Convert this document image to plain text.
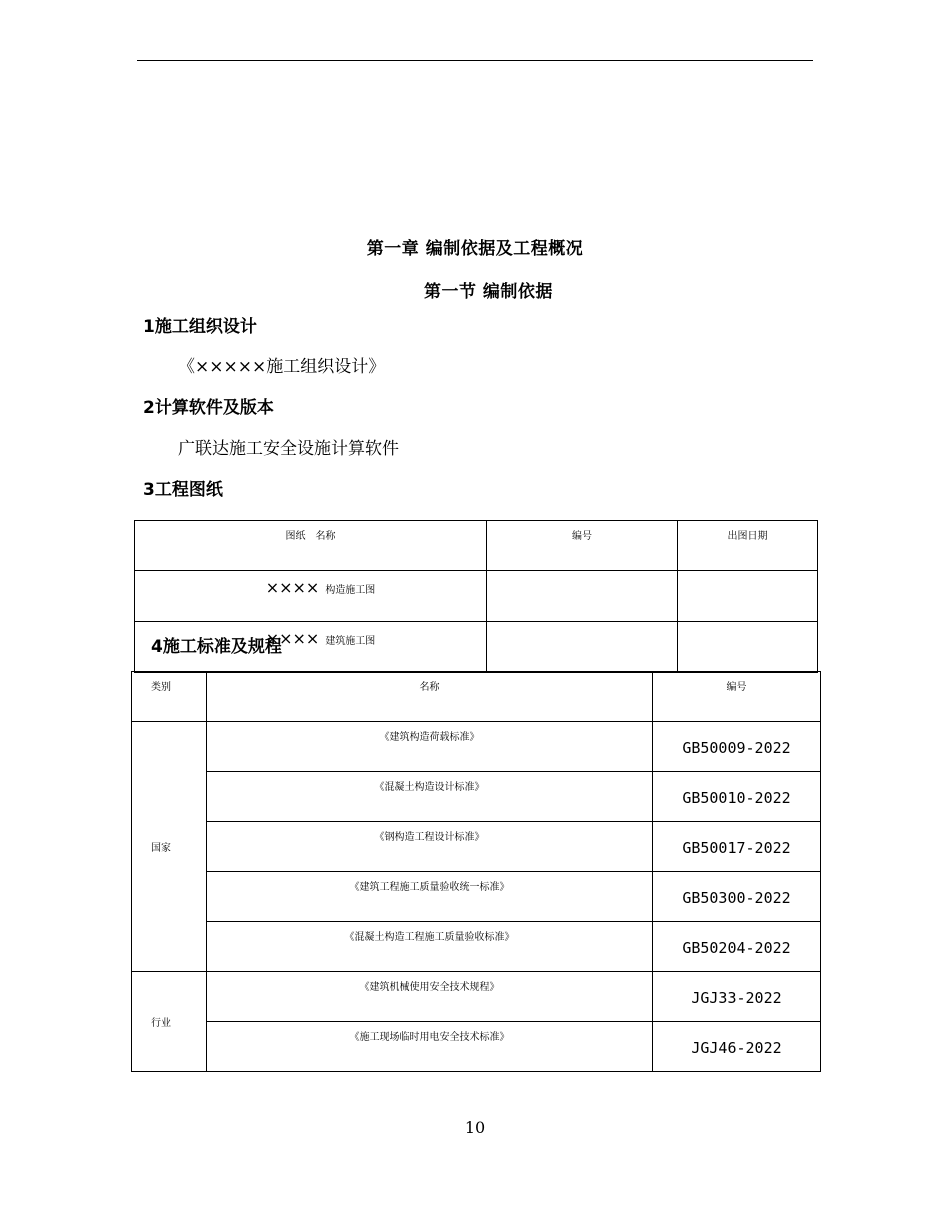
第一章 编制依据及工程概况
第一节 编制依据
1施工组织设计
《×××××施工组织设计》
2计算软件及版本
广联达施工安全设施计算软件
3工程图纸
图纸　名称	编号	出图日期
×××× 构造施工图		
×××× 建筑施工图		
4施工标准及规程
类别	名称	编号
国家	《建筑构造荷载标准》	GB50009-2022
	《混凝土构造设计标准》	GB50010-2022
	《钢构造工程设计标准》	GB50017-2022
	《建筑工程施工质量验收统一标准》	GB50300-2022
	《混凝土构造工程施工质量验收标准》	GB50204-2022
行业	《建筑机械使用安全技术规程》	JGJ33-2022
	《施工现场临时用电安全技术标准》	JGJ46-2022
10
